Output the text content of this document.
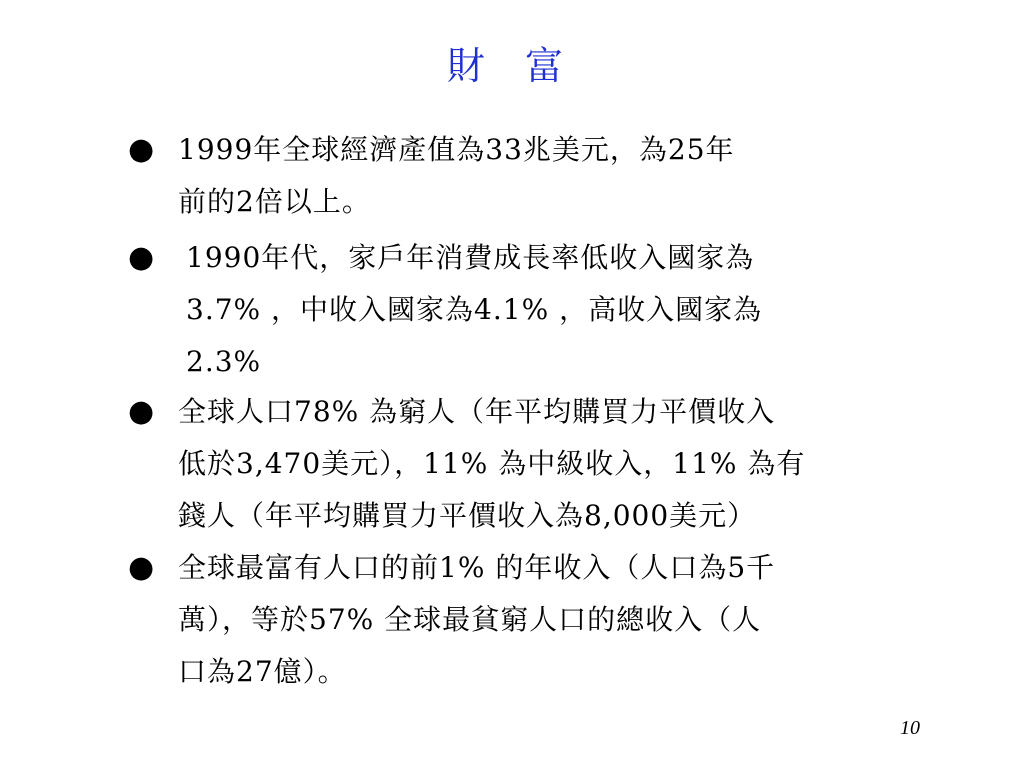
財 富
● 1999年全球經濟產值為33兆美元，為25年
前的2倍以上。
● 1990年代，家戶年消費成長率低收入國家為
3.7% ，中收入國家為4.1% ，高收入國家為
2.3%
● 全球人口78% 為窮人（年平均購買力平價收入
低於3,470美元），11% 為中級收入，11% 為有
錢人（年平均購買力平價收入為8,000美元）
● 全球最富有人口的前1% 的年收入（人口為5千
萬），等於57% 全球最貧窮人口的總收入（人
口為27億）。
10
